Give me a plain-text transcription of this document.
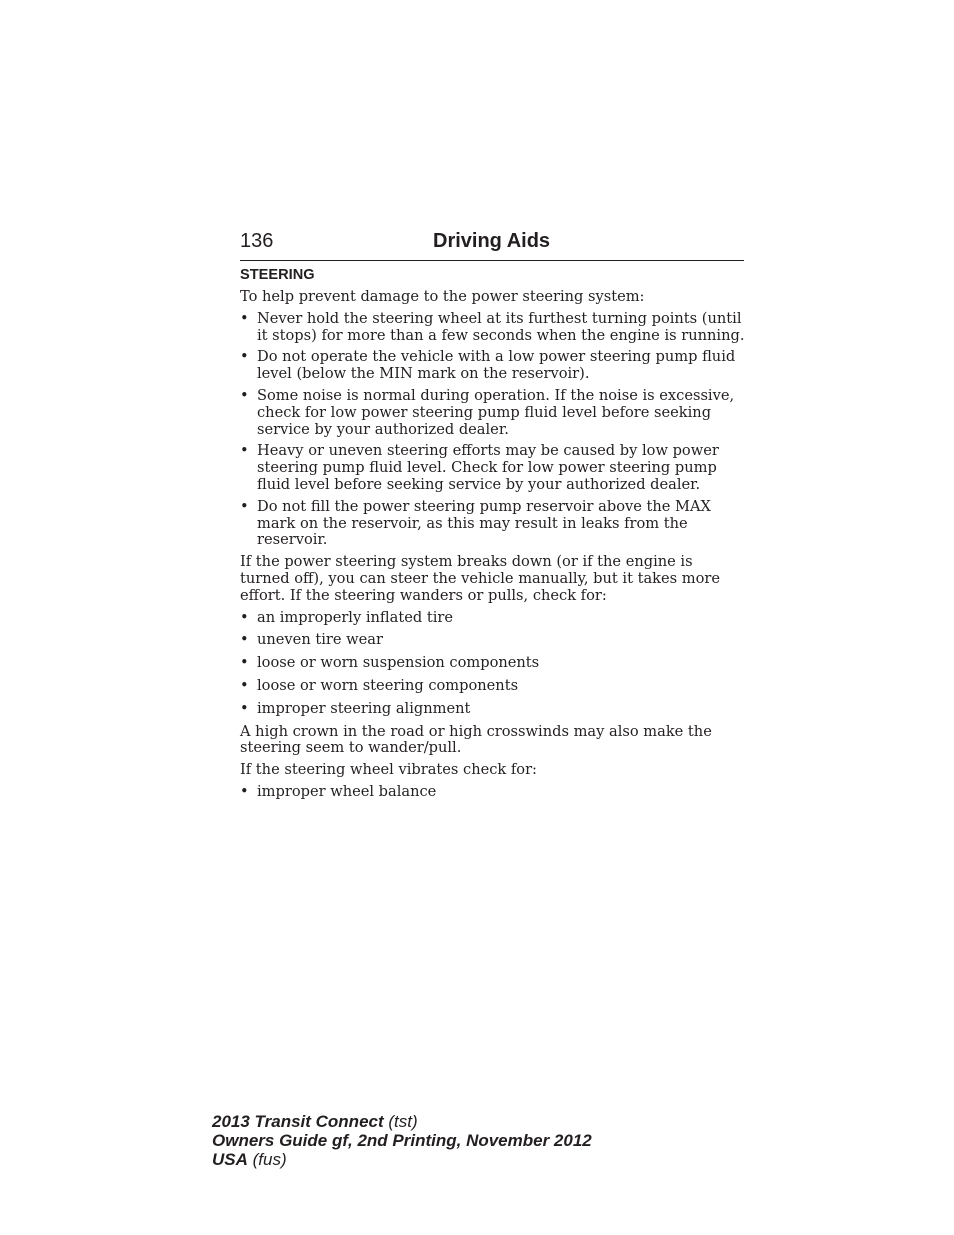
136	Driving Aids
STEERING

To help prevent damage to the power steering system:

• Never hold the steering wheel at its furthest turning points (until it stops) for more than a few seconds when the engine is running.
• Do not operate the vehicle with a low power steering pump fluid level (below the MIN mark on the reservoir).
• Some noise is normal during operation. If the noise is excessive, check for low power steering pump fluid level before seeking service by your authorized dealer.
• Heavy or uneven steering efforts may be caused by low power steering pump fluid level. Check for low power steering pump fluid level before seeking service by your authorized dealer.
• Do not fill the power steering pump reservoir above the MAX mark on the reservoir, as this may result in leaks from the reservoir.

If the power steering system breaks down (or if the engine is turned off), you can steer the vehicle manually, but it takes more effort. If the steering wanders or pulls, check for:

• an improperly inflated tire
• uneven tire wear
• loose or worn suspension components
• loose or worn steering components
• improper steering alignment

A high crown in the road or high crosswinds may also make the steering seem to wander/pull.

If the steering wheel vibrates check for:

• improper wheel balance
2013 Transit Connect (tst)
Owners Guide gf, 2nd Printing, November 2012
USA (fus)
